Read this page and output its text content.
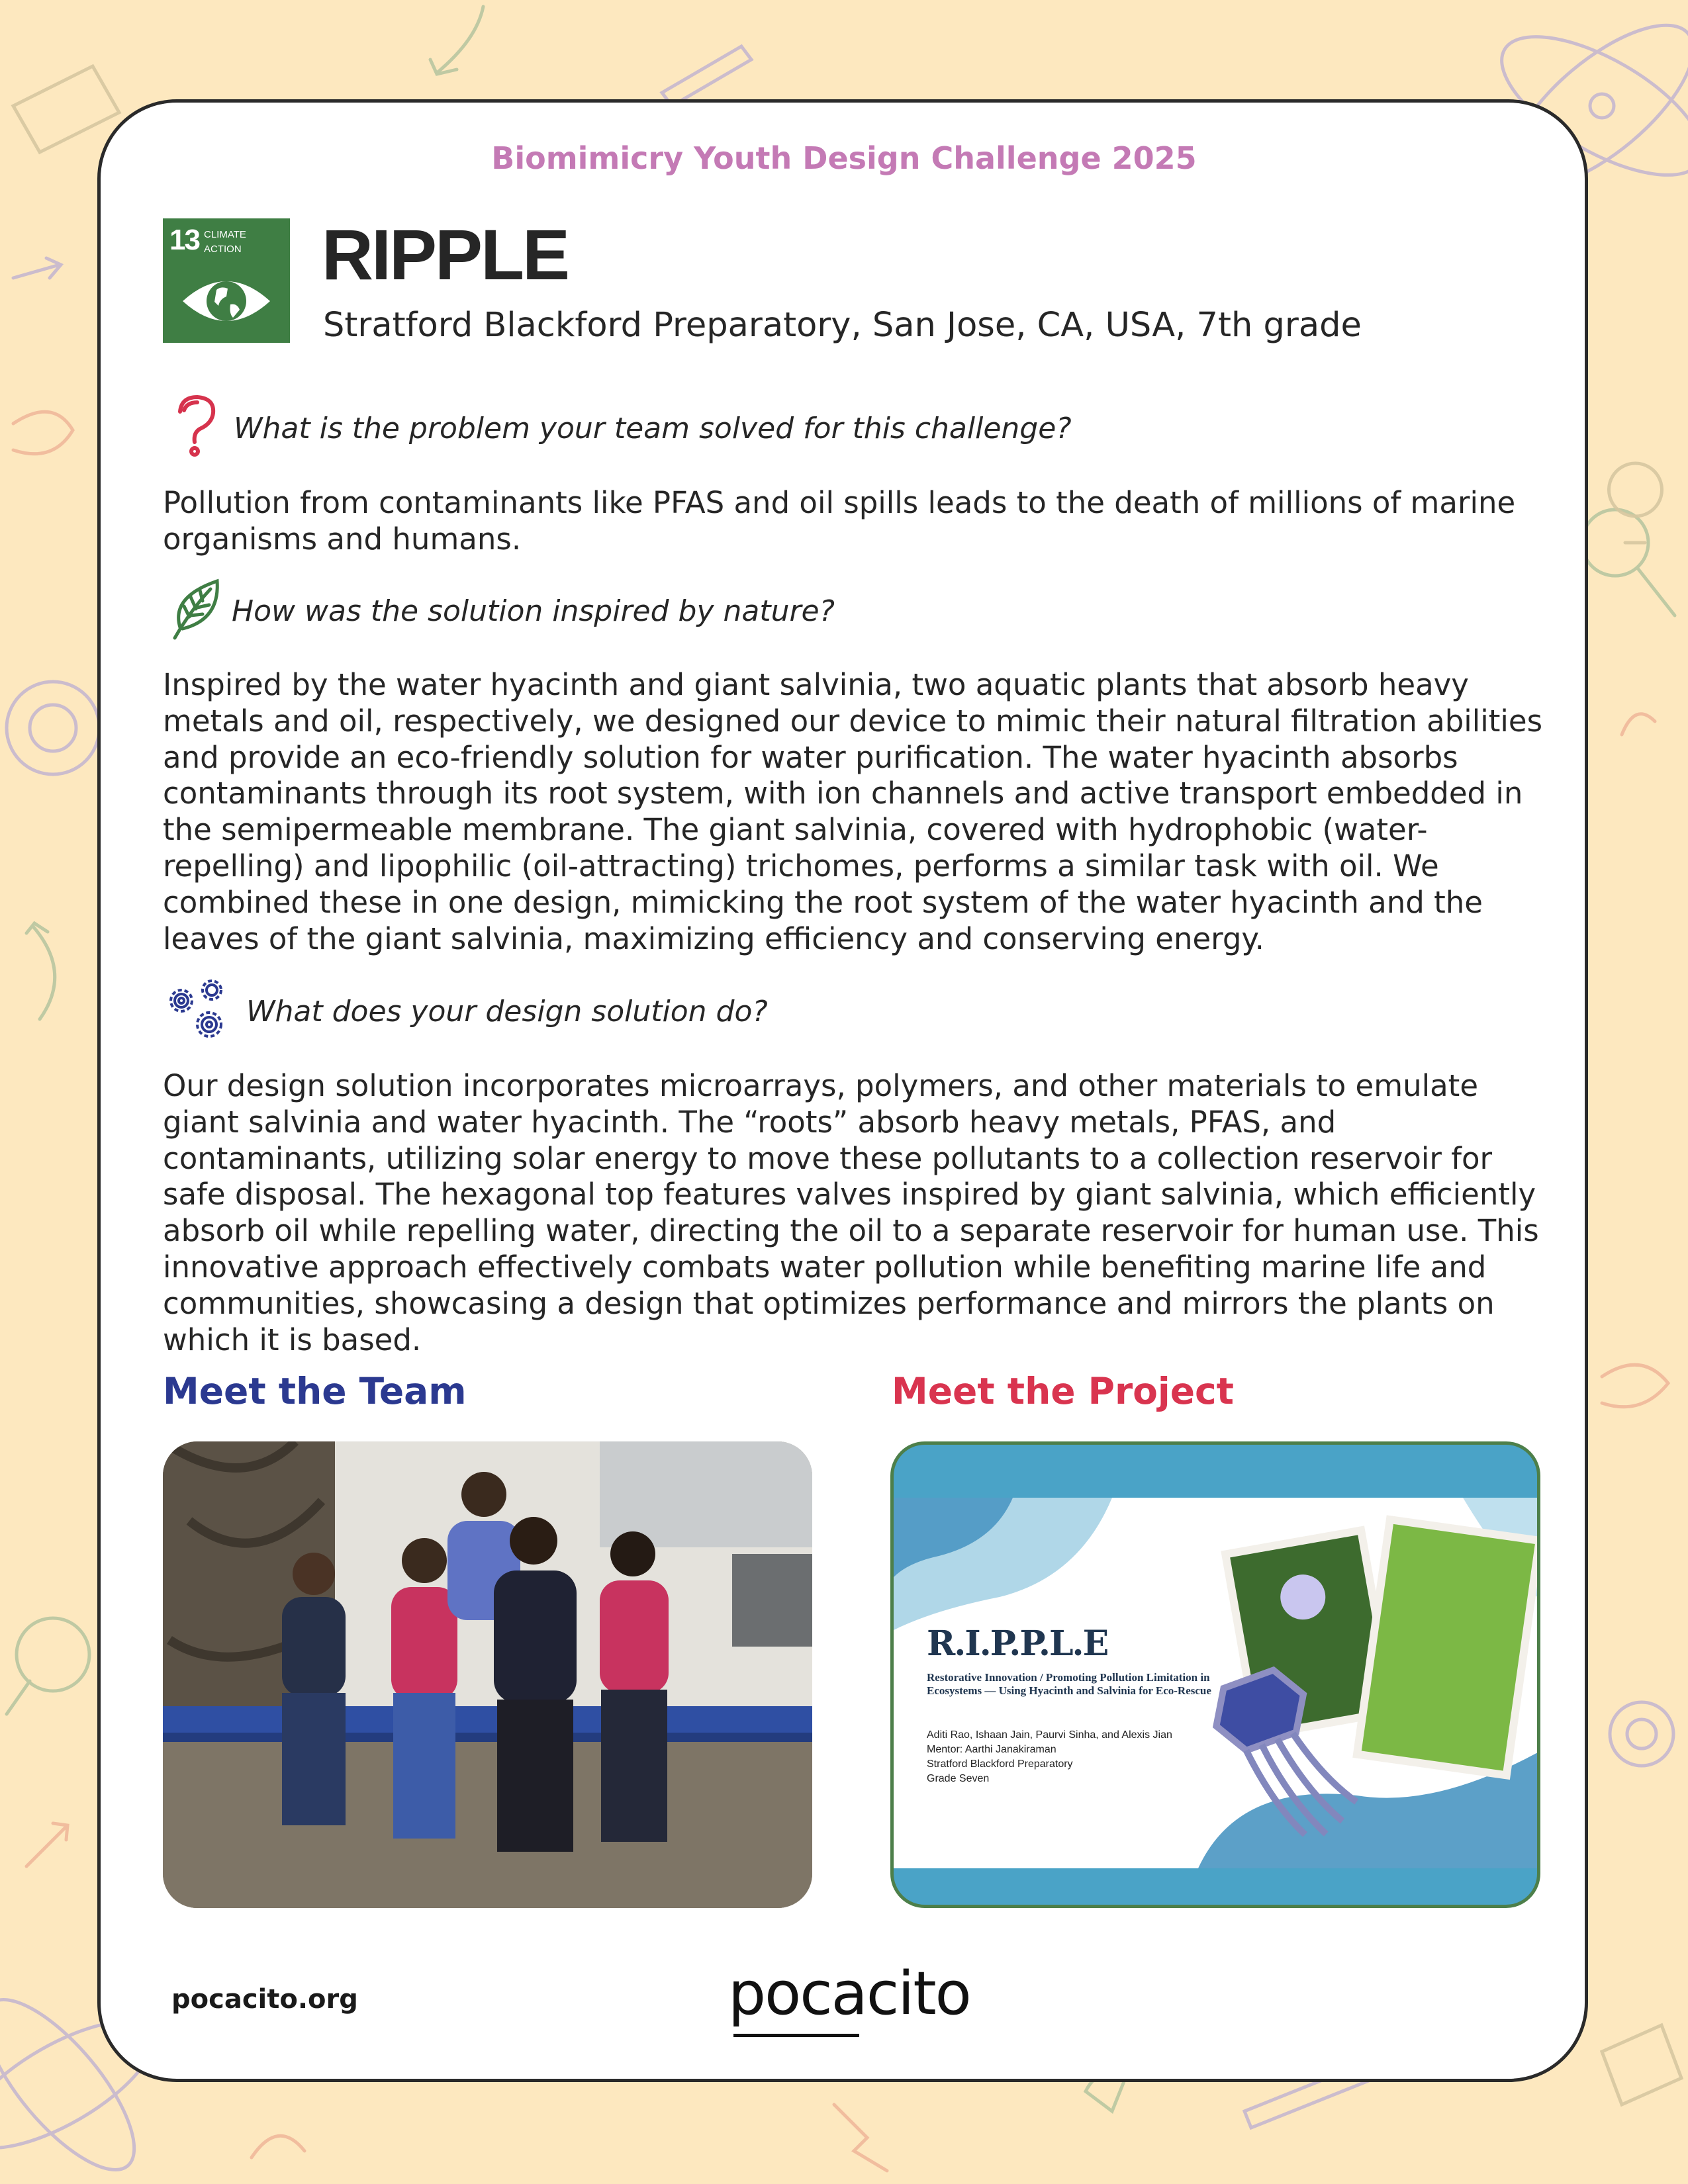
Biomimicry Youth Design Challenge 2025
13 CLIMATE
ACTION RIPPLE
Stratford Blackford Preparatory, San Jose, CA, USA, 7th grade
What is the problem your team solved for this challenge?
Pollution from contaminants like PFAS and oil spills leads to the death of millions of marine organisms and humans.
How was the solution inspired by nature?
Inspired by the water hyacinth and giant salvinia, two aquatic plants that absorb heavy metals and oil, respectively, we designed our device to mimic their natural filtration abilities and provide an eco-friendly solution for water purification. The water hyacinth absorbs contaminants through its root system, with ion channels and active transport embedded in the semipermeable membrane. The giant salvinia, covered with hydrophobic (water-repelling) and lipophilic (oil-attracting) trichomes, performs a similar task with oil. We combined these in one design, mimicking the root system of the water hyacinth and the leaves of the giant salvinia, maximizing efficiency and conserving energy.
What does your design solution do?
Our design solution incorporates microarrays, polymers, and other materials to emulate giant salvinia and water hyacinth. The “roots” absorb heavy metals, PFAS, and contaminants, utilizing solar energy to move these pollutants to a collection reservoir for safe disposal. The hexagonal top features valves inspired by giant salvinia, which efficiently absorb oil while repelling water, directing the oil to a separate reservoir for human use. This innovative approach effectively combats water pollution while benefiting marine life and communities, showcasing a design that optimizes performance and mirrors the plants on which it is based.
Meet the Team	Meet the Project
R.I.P.P.L.E
Restorative Innovation / Promoting Pollution Limitation in Ecosystems — Using Hyacinth and Salvinia for Eco-Rescue
Aditi Rao, Ishaan Jain, Paurvi Sinha, and Alexis Jian
Mentor: Aarthi Janakiraman
Stratford Blackford Preparatory
Grade Seven
pocacito.org	pocacito
